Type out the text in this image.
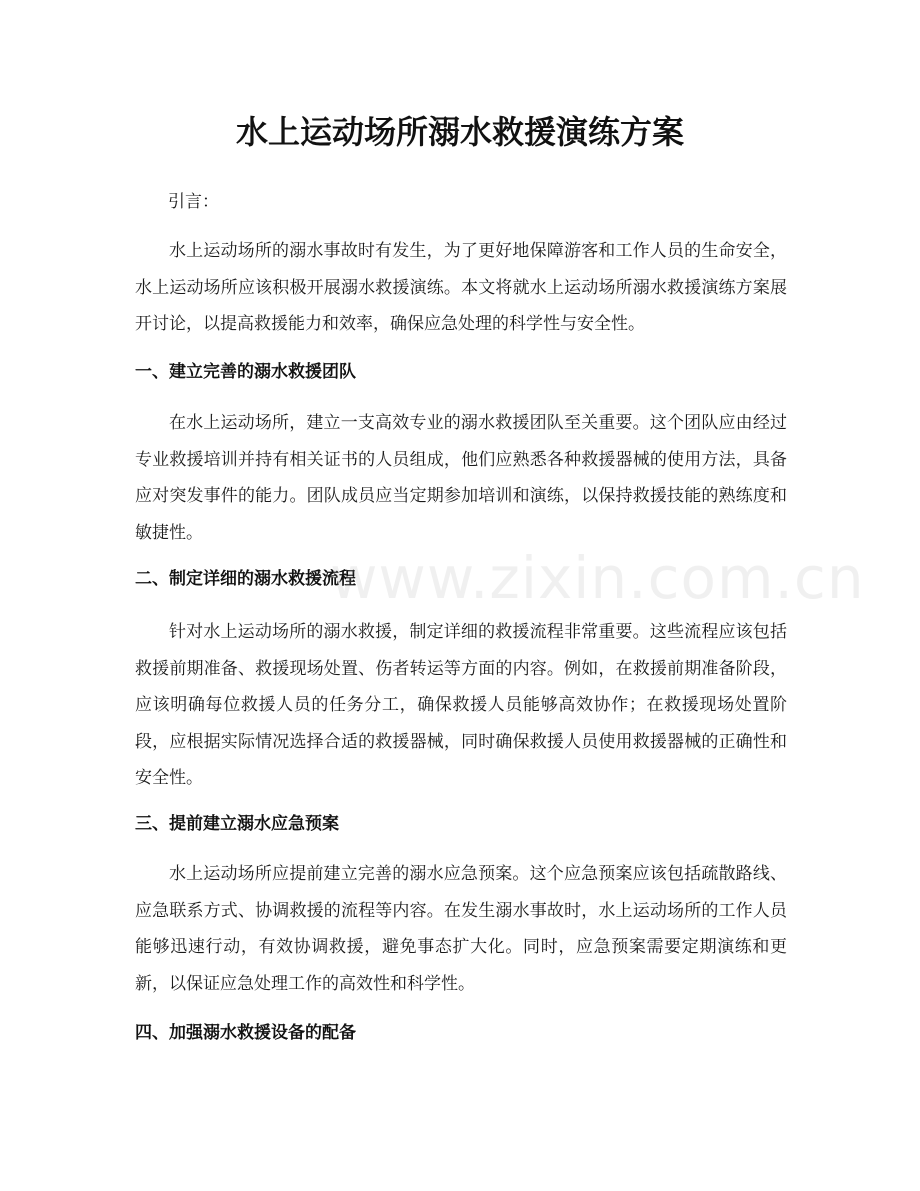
水上运动场所溺水救援演练方案

引言：

水上运动场所的溺水事故时有发生，为了更好地保障游客和工作人员的生命安全，水上运动场所应该积极开展溺水救援演练。本文将就水上运动场所溺水救援演练方案展开讨论，以提高救援能力和效率，确保应急处理的科学性与安全性。

一、建立完善的溺水救援团队

在水上运动场所，建立一支高效专业的溺水救援团队至关重要。这个团队应由经过专业救援培训并持有相关证书的人员组成，他们应熟悉各种救援器械的使用方法，具备应对突发事件的能力。团队成员应当定期参加培训和演练，以保持救援技能的熟练度和敏捷性。

二、制定详细的溺水救援流程

针对水上运动场所的溺水救援，制定详细的救援流程非常重要。这些流程应该包括救援前期准备、救援现场处置、伤者转运等方面的内容。例如，在救援前期准备阶段，应该明确每位救援人员的任务分工，确保救援人员能够高效协作；在救援现场处置阶段，应根据实际情况选择合适的救援器械，同时确保救援人员使用救援器械的正确性和安全性。

三、提前建立溺水应急预案

水上运动场所应提前建立完善的溺水应急预案。这个应急预案应该包括疏散路线、应急联系方式、协调救援的流程等内容。在发生溺水事故时，水上运动场所的工作人员能够迅速行动，有效协调救援，避免事态扩大化。同时，应急预案需要定期演练和更新，以保证应急处理工作的高效性和科学性。

四、加强溺水救援设备的配备
www.zixin.com.cn
